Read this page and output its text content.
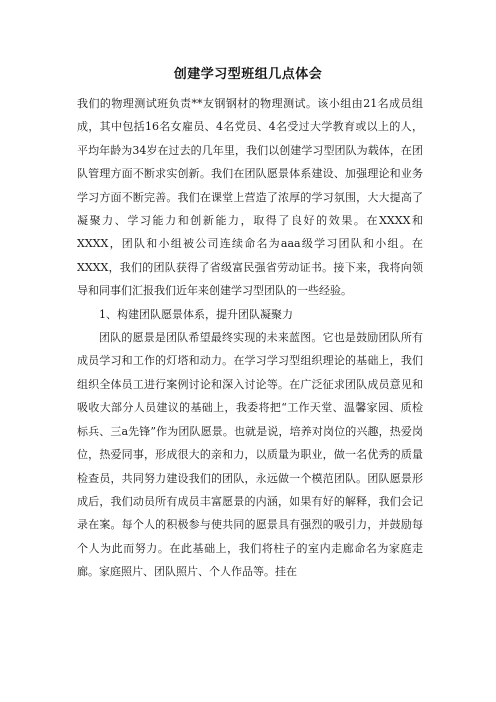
创建学习型班组几点体会

我们的物理测试班负责**友钢钢材的物理测试。该小组由21名成员组成，其中包括16名女雇员、4名党员、4名受过大学教育或以上的人，平均年龄为34岁在过去的几年里，我们以创建学习型团队为载体，在团队管理方面不断求实创新。我们在团队愿景体系建设、加强理论和业务学习方面不断完善。我们在课堂上营造了浓厚的学习氛围，大大提高了凝聚力、学习能力和创新能力，取得了良好的效果。在XXXX和XXXX，团队和小组被公司连续命名为aaa级学习团队和小组。在 XXXX，我们的团队获得了省级富民强省劳动证书。接下来，我将向领导和同事们汇报我们近年来创建学习型团队的一些经验。

1、构建团队愿景体系，提升团队凝聚力

团队的愿景是团队希望最终实现的未来蓝图。它也是鼓励团队所有成员学习和工作的灯塔和动力。在学习学习型组织理论的基础上，我们组织全体员工进行案例讨论和深入讨论等。在广泛征求团队成员意见和吸收大部分人员建议的基础上，我委将把“工作天堂、温馨家园、质检标兵、三a先锋”作为团队愿景。也就是说，培养对岗位的兴趣，热爱岗位，热爱同事，形成很大的亲和力，以质量为职业，做一名优秀的质量检查员，共同努力建设我们的团队，永远做一个模范团队。团队愿景形成后，我们动员所有成员丰富愿景的内涵，如果有好的解释，我们会记录在案。每个人的积极参与使共同的愿景具有强烈的吸引力，并鼓励每个人为此而努力。在此基础上，我们将柱子的室内走廊命名为家庭走廊。家庭照片、团队照片、个人作品等。挂在
